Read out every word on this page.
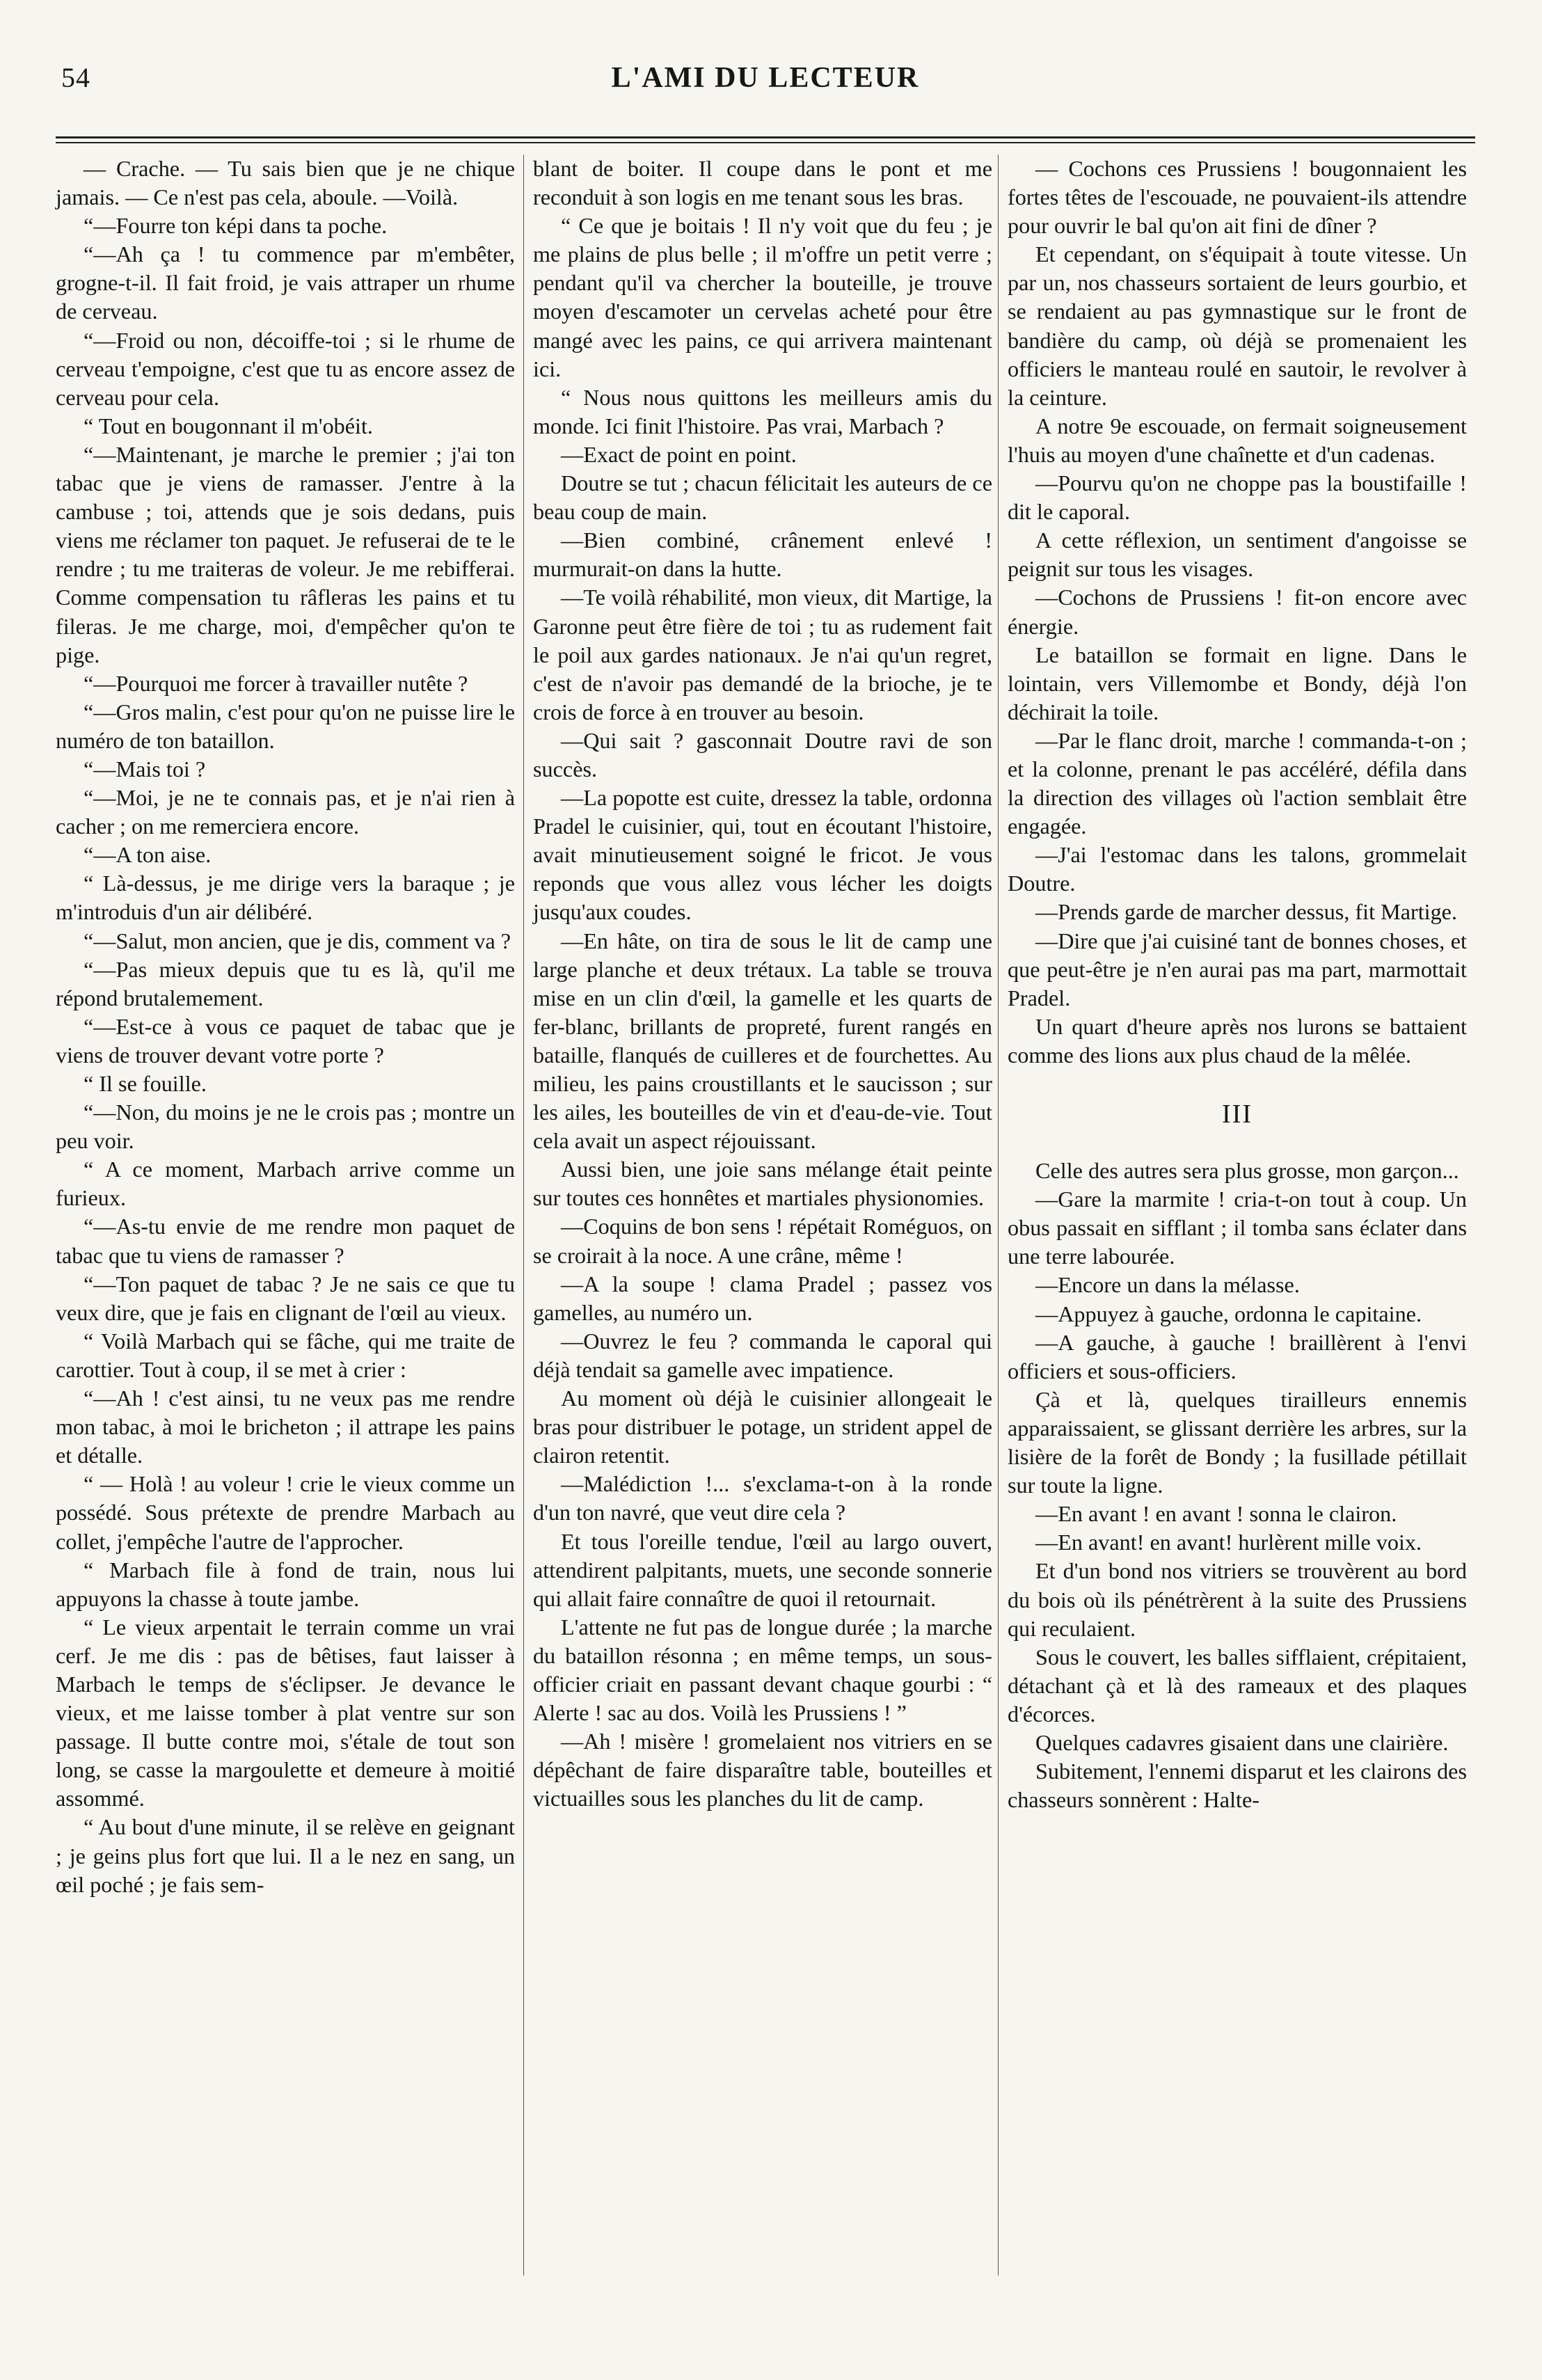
54	L'AMI DU LECTEUR

— Crache. — Tu sais bien que je ne chique jamais. — Ce n'est pas cela, aboule. —Voilà.

“—Fourre ton képi dans ta poche.

“—Ah ça ! tu commence par m'embêter, grogne-t-il. Il fait froid, je vais attraper un rhume de cerveau.

“—Froid ou non, décoiffe-toi ; si le rhume de cerveau t'empoigne, c'est que tu as encore assez de cerveau pour cela.

“ Tout en bougonnant il m'obéit.

“—Maintenant, je marche le premier ; j'ai ton tabac que je viens de ramasser. J'entre à la cambuse ; toi, attends que je sois dedans, puis viens me réclamer ton paquet. Je refuserai de te le rendre ; tu me traiteras de voleur. Je me rebifferai. Comme compensation tu râfleras les pains et tu fileras. Je me charge, moi, d'empêcher qu'on te pige.

“—Pourquoi me forcer à travailler nutête ?

“—Gros malin, c'est pour qu'on ne puisse lire le numéro de ton bataillon.

“—Mais toi ?

“—Moi, je ne te connais pas, et je n'ai rien à cacher ; on me remerciera encore.

“—A ton aise.

“ Là-dessus, je me dirige vers la baraque ; je m'introduis d'un air délibéré.

“—Salut, mon ancien, que je dis, comment va ?

“—Pas mieux depuis que tu es là, qu'il me répond brutalemement.

“—Est-ce à vous ce paquet de tabac que je viens de trouver devant votre porte ?

“ Il se fouille.

“—Non, du moins je ne le crois pas ; montre un peu voir.

“ A ce moment, Marbach arrive comme un furieux.

“—As-tu envie de me rendre mon paquet de tabac que tu viens de ramasser ?

“—Ton paquet de tabac ? Je ne sais ce que tu veux dire, que je fais en clignant de l'œil au vieux.

“ Voilà Marbach qui se fâche, qui me traite de carottier. Tout à coup, il se met à crier :

“—Ah ! c'est ainsi, tu ne veux pas me rendre mon tabac, à moi le bricheton ; il attrape les pains et détalle.

“ — Holà ! au voleur ! crie le vieux comme un possédé. Sous prétexte de prendre Marbach au collet, j'empêche l'autre de l'approcher.

“ Marbach file à fond de train, nous lui appuyons la chasse à toute jambe.

“ Le vieux arpentait le terrain comme un vrai cerf. Je me dis : pas de bêtises, faut laisser à Marbach le temps de s'éclipser. Je devance le vieux, et me laisse tomber à plat ventre sur son passage. Il butte contre moi, s'étale de tout son long, se casse la margoulette et demeure à moitié assommé.

“ Au bout d'une minute, il se relève en geignant ; je geins plus fort que lui. Il a le nez en sang, un œil poché ; je fais sem-

blant de boiter. Il coupe dans le pont et me reconduit à son logis en me tenant sous les bras.

“ Ce que je boitais ! Il n'y voit que du feu ; je me plains de plus belle ; il m'offre un petit verre ; pendant qu'il va chercher la bouteille, je trouve moyen d'escamoter un cervelas acheté pour être mangé avec les pains, ce qui arrivera maintenant ici.

“ Nous nous quittons les meilleurs amis du monde. Ici finit l'histoire. Pas vrai, Marbach ?

—Exact de point en point.

Doutre se tut ; chacun félicitait les auteurs de ce beau coup de main.

—Bien combiné, crânement enlevé ! murmurait-on dans la hutte.

—Te voilà réhabilité, mon vieux, dit Martige, la Garonne peut être fière de toi ; tu as rudement fait le poil aux gardes nationaux. Je n'ai qu'un regret, c'est de n'avoir pas demandé de la brioche, je te crois de force à en trouver au besoin.

—Qui sait ? gasconnait Doutre ravi de son succès.

—La popotte est cuite, dressez la table, ordonna Pradel le cuisinier, qui, tout en écoutant l'histoire, avait minutieusement soigné le fricot. Je vous reponds que vous allez vous lécher les doigts jusqu'aux coudes.

—En hâte, on tira de sous le lit de camp une large planche et deux trétaux. La table se trouva mise en un clin d'œil, la gamelle et les quarts de fer-blanc, brillants de propreté, furent rangés en bataille, flanqués de cuilleres et de fourchettes. Au milieu, les pains croustillants et le saucisson ; sur les ailes, les bouteilles de vin et d'eau-de-vie. Tout cela avait un aspect réjouissant.

Aussi bien, une joie sans mélange était peinte sur toutes ces honnêtes et martiales physionomies.

—Coquins de bon sens ! répétait Roméguos, on se croirait à la noce. A une crâne, même !

—A la soupe ! clama Pradel ; passez vos gamelles, au numéro un.

—Ouvrez le feu ? commanda le caporal qui déjà tendait sa gamelle avec impatience.

Au moment où déjà le cuisinier allongeait le bras pour distribuer le potage, un strident appel de clairon retentit.

—Malédiction !... s'exclama-t-on à la ronde d'un ton navré, que veut dire cela ?

Et tous l'oreille tendue, l'œil au largo ouvert, attendirent palpitants, muets, une seconde sonnerie qui allait faire connaître de quoi il retournait.

L'attente ne fut pas de longue durée ; la marche du bataillon résonna ; en même temps, un sous-officier criait en passant devant chaque gourbi : “ Alerte ! sac au dos. Voilà les Prussiens ! ”

—Ah ! misère ! gromelaient nos vitriers en se dépêchant de faire disparaître table, bouteilles et victuailles sous les planches du lit de camp.

— Cochons ces Prussiens ! bougonnaient les fortes têtes de l'escouade, ne pouvaient-ils attendre pour ouvrir le bal qu'on ait fini de dîner ?

Et cependant, on s'équipait à toute vitesse. Un par un, nos chasseurs sortaient de leurs gourbio, et se rendaient au pas gymnastique sur le front de bandière du camp, où déjà se promenaient les officiers le manteau roulé en sautoir, le revolver à la ceinture.

A notre 9e escouade, on fermait soigneusement l'huis au moyen d'une chaînette et d'un cadenas.

—Pourvu qu'on ne choppe pas la boustifaille ! dit le caporal.

A cette réflexion, un sentiment d'angoisse se peignit sur tous les visages.

—Cochons de Prussiens ! fit-on encore avec énergie.

Le bataillon se formait en ligne. Dans le lointain, vers Villemombe et Bondy, déjà l'on déchirait la toile.

—Par le flanc droit, marche ! commanda-t-on ; et la colonne, prenant le pas accéléré, défila dans la direction des villages où l'action semblait être engagée.

—J'ai l'estomac dans les talons, grommelait Doutre.

—Prends garde de marcher dessus, fit Martige.

—Dire que j'ai cuisiné tant de bonnes choses, et que peut-être je n'en aurai pas ma part, marmottait Pradel.

Un quart d'heure après nos lurons se battaient comme des lions aux plus chaud de la mêlée.

III

Celle des autres sera plus grosse, mon garçon...

—Gare la marmite ! cria-t-on tout à coup. Un obus passait en sifflant ; il tomba sans éclater dans une terre labourée.

—Encore un dans la mélasse.

—Appuyez à gauche, ordonna le capitaine.

—A gauche, à gauche ! braillèrent à l'envi officiers et sous-officiers.

Çà et là, quelques tirailleurs ennemis apparaissaient, se glissant derrière les arbres, sur la lisière de la forêt de Bondy ; la fusillade pétillait sur toute la ligne.

—En avant ! en avant ! sonna le clairon.

—En avant! en avant! hurlèrent mille voix.

Et d'un bond nos vitriers se trouvèrent au bord du bois où ils pénétrèrent à la suite des Prussiens qui reculaient.

Sous le couvert, les balles sifflaient, crépitaient, détachant çà et là des rameaux et des plaques d'écorces.

Quelques cadavres gisaient dans une clairière.

Subitement, l'ennemi disparut et les clairons des chasseurs sonnèrent : Halte-
